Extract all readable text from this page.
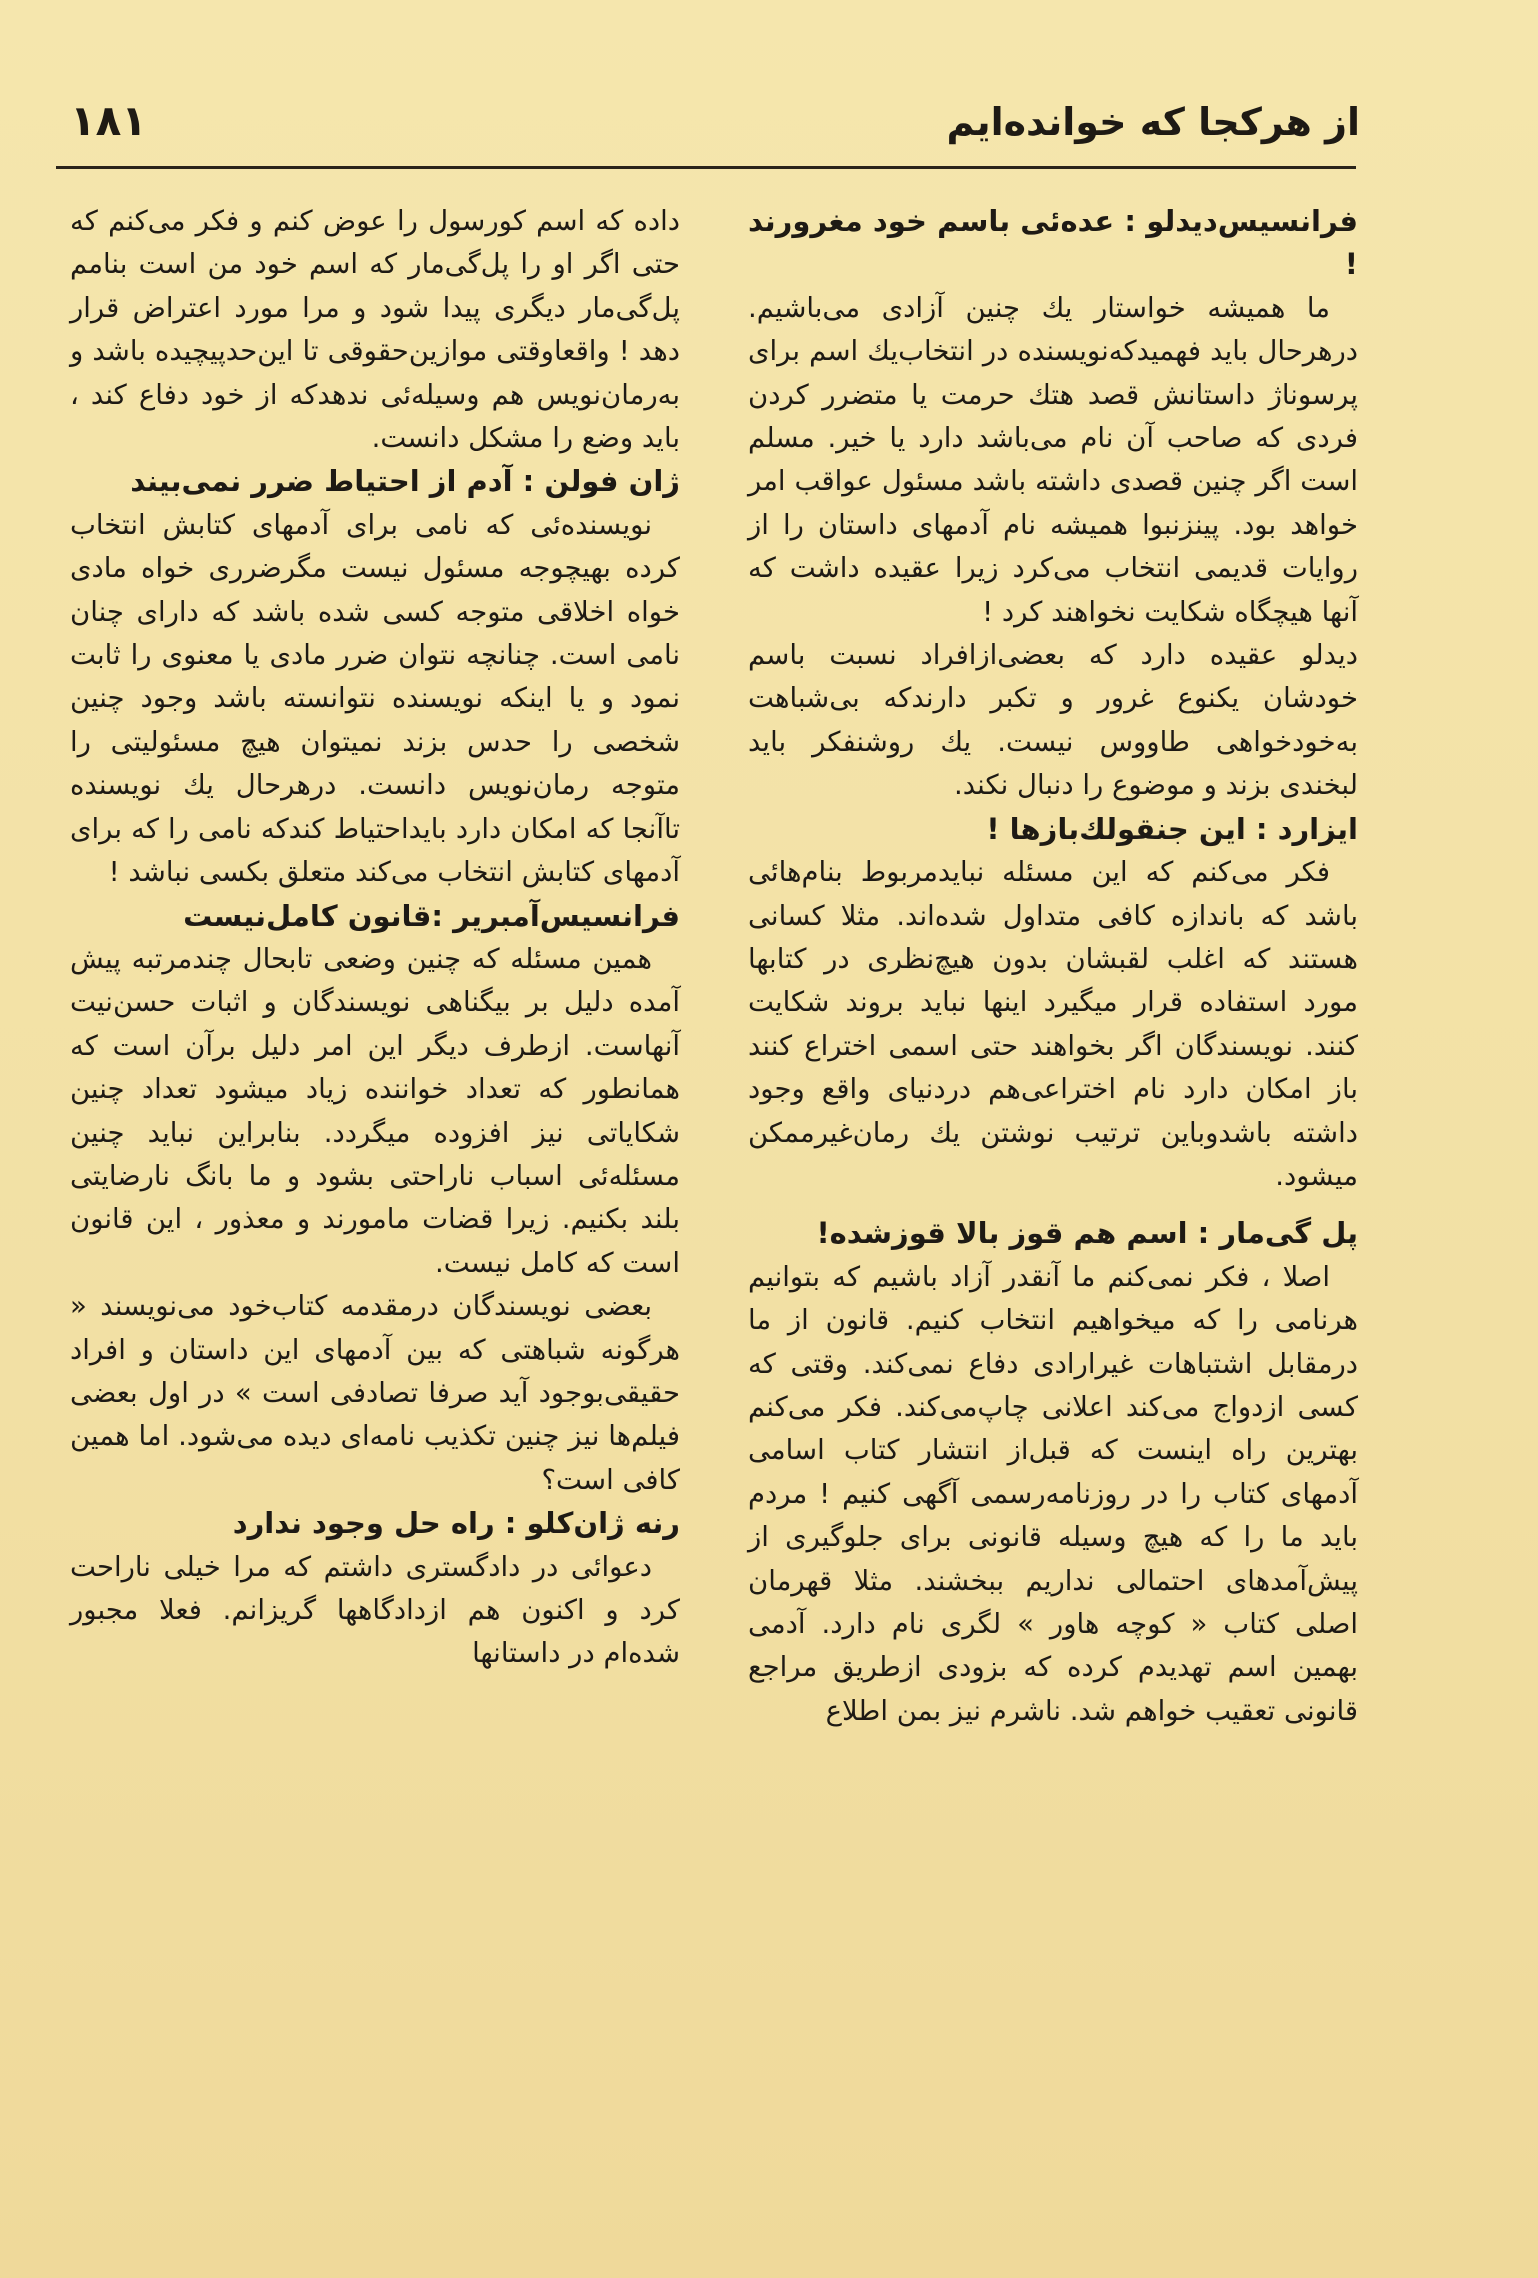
از هرکجا که خوانده‌ایم
۱۸۱

فرانسیس‌دیدلو : عده‌ئی باسم خود مغرورند !

ما همیشه خواستار یك چنین آزادی می‌باشیم. درهرحال باید فهمیدکه‌نویسنده در انتخاب‌یك اسم برای پرسوناژ داستانش قصد هتك حرمت یا متضرر کردن فردی که صاحب آن نام می‌باشد دارد یا خیر. مسلم است اگر چنین قصدی داشته باشد مسئول عواقب امر خواهد بود. پینزنبوا همیشه نام آدمهای داستان را از روایات قدیمی انتخاب می‌کرد زیرا عقیده داشت که آنها هیچگاه شکایت نخواهند کرد !

دیدلو عقیده دارد که بعضی‌ازافراد نسبت باسم خودشان یکنوع غرور و تکبر دارندکه بی‌شباهت به‌خودخواهی طاووس نیست. یك روشنفکر باید لبخندی بزند و موضوع را دنبال نکند.

ایزارد : این جنقولك‌بازها !

فکر می‌کنم که این مسئله نبایدمربوط بنام‌هائی باشد که باندازه کافی متداول شده‌اند. مثلا کسانی هستند که اغلب لقبشان بدون هیچ‌نظری در کتابها مورد استفاده قرار میگیرد اینها نباید بروند شکایت کنند. نویسندگان اگر بخواهند حتی اسمی اختراع کنند باز امکان دارد نام اختراعی‌هم دردنیای واقع وجود داشته باشدوباین ترتیب نوشتن یك رمان‌غیرممکن میشود.

پل گی‌مار : اسم هم قوز بالا قوزشده!

اصلا ، فکر نمی‌کنم ما آنقدر آزاد باشیم که بتوانیم هرنامی را که میخواهیم انتخاب کنیم. قانون از ما درمقابل اشتباهات غیرارادی دفاع نمی‌کند. وقتی که کسی ازدواج می‌کند اعلانی چاپ‌می‌کند. فکر می‌کنم بهترین راه اینست که قبل‌از انتشار کتاب اسامی آدمهای کتاب را در روزنامه‌رسمی آگهی کنیم ! مردم باید ما را که هیچ وسیله قانونی برای جلوگیری از پیش‌آمدهای احتمالی نداریم ببخشند. مثلا قهرمان اصلی کتاب « کوچه هاور » لگری نام دارد. آدمی بهمین اسم تهدیدم کرده که بزودی ازطریق مراجع قانونی تعقیب خواهم شد. ناشرم نیز بمن اطلاع

داده که اسم کورسول را عوض کنم و فکر می‌کنم که حتی اگر او را پل‌گی‌مار که اسم خود من است بنامم پل‌گی‌مار دیگری پیدا شود و مرا مورد اعتراض قرار دهد ! واقعاوقتی موازین‌حقوقی تا این‌حدپیچیده باشد و به‌رمان‌نویس هم وسیله‌ئی ندهدکه از خود دفاع کند ، باید وضع را مشکل دانست.

ژان فولن : آدم از احتیاط ضرر نمی‌بیند

نویسنده‌ئی که نامی برای آدمهای کتابش انتخاب کرده بهیچوجه مسئول نیست مگرضرری خواه مادی خواه اخلاقی متوجه کسی شده باشد که دارای چنان نامی است. چنانچه نتوان ضرر مادی یا معنوی را ثابت نمود و یا اینکه نویسنده نتوانسته باشد وجود چنین شخصی را حدس بزند نمیتوان هیچ مسئولیتی را متوجه رمان‌نویس دانست. درهرحال یك نویسنده تاآنجا که امکان دارد بایداحتیاط کندکه نامی را که برای آدمهای کتابش انتخاب می‌کند متعلق بکسی نباشد !

فرانسیس‌آمبریر :قانون کامل‌نیست

همین مسئله که چنین وضعی تابحال چندمرتبه پیش آمده دلیل بر بیگناهی نویسندگان و اثبات حسن‌نیت آنهاست. ازطرف دیگر این امر دلیل برآن است که همانطور که تعداد خواننده زیاد میشود تعداد چنین شکایاتی نیز افزوده میگردد. بنابراین نباید چنین مسئله‌ئی اسباب ناراحتی بشود و ما بانگ نارضایتی بلند بکنیم. زیرا قضات مامورند و معذور ، این قانون است که کامل نیست.

بعضی نویسندگان درمقدمه کتاب‌خود می‌نویسند « هرگونه شباهتی که بین آدمهای این داستان و افراد حقیقی‌بوجود آید صرفا تصادفی است » در اول بعضی فیلم‌ها نیز چنین تکذیب نامه‌ای دیده می‌شود. اما همین کافی است؟

رنه ژان‌کلو : راه حل وجود ندارد

دعوائی در دادگستری داشتم که مرا خیلی ناراحت کرد و اکنون هم ازدادگاهها گریزانم. فعلا مجبور شده‌ام در داستانها
